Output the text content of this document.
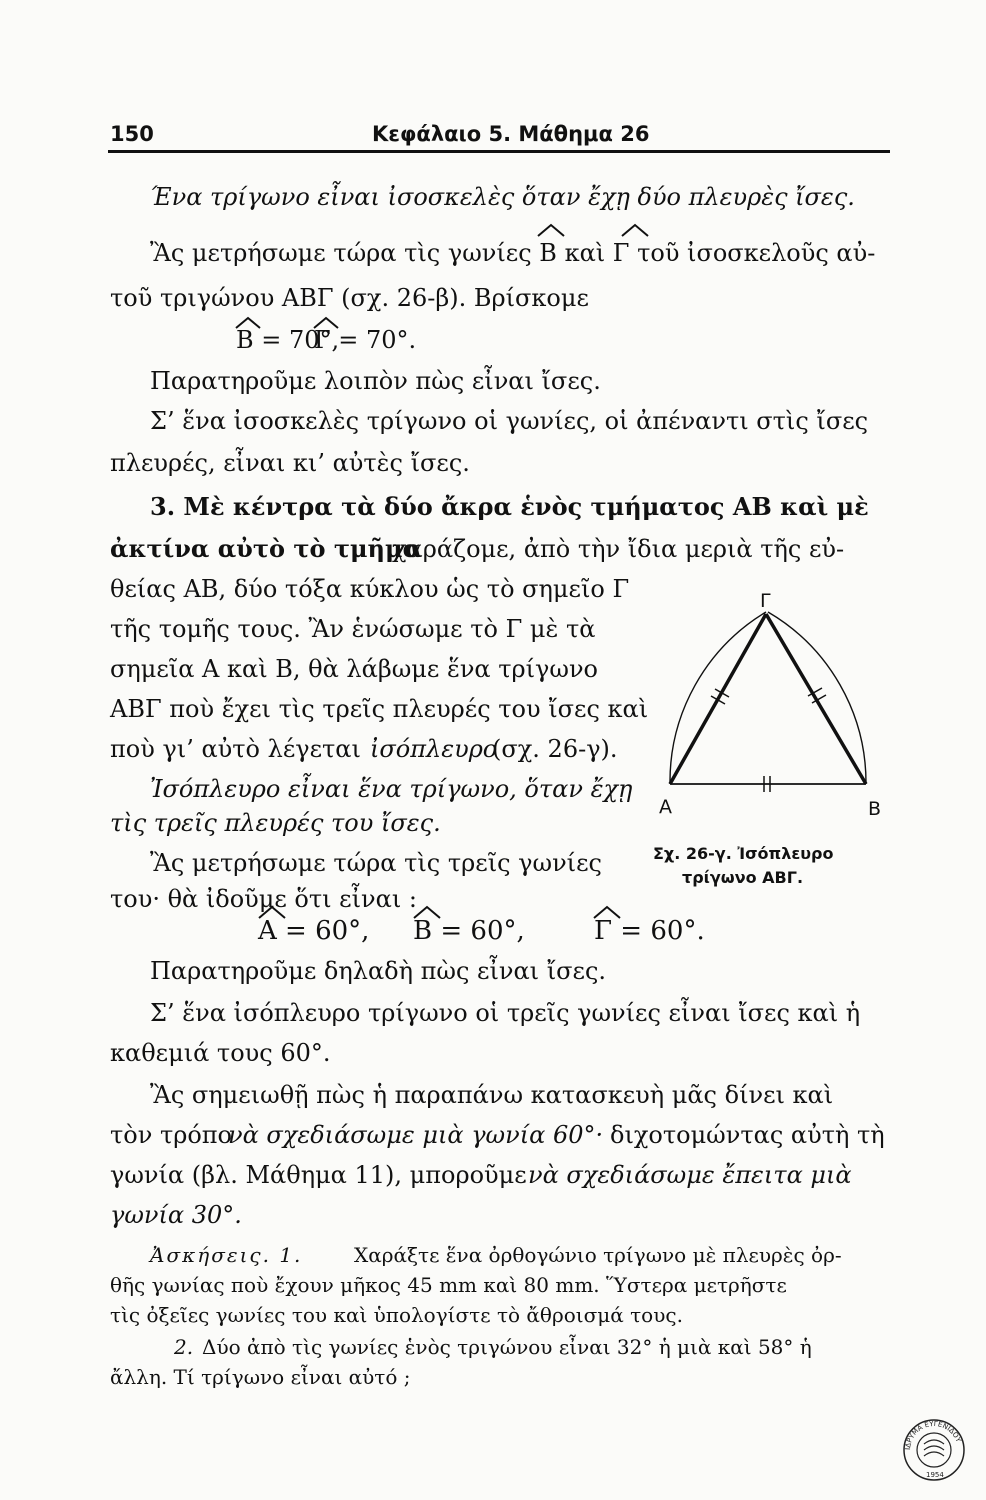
150	Κεφάλαιο 5. Μάθημα 26
Ένα τρίγωνο εἶναι ἰσοσκελὲς ὅταν ἔχῃ δύο πλευρὲς ἴσες.
Ἂς μετρήσωμε τώρα τὶς γωνίες B καὶ Γ τοῦ ἰσοσκελοῦς αὐ-
τοῦ τριγώνου ΑΒΓ (σχ. 26-β). Βρίσκομε
B = 70°,
Γ = 70°.
Παρατηροῦμε λοιπὸν πὼς εἶναι ἴσες.
Σ’ ἕνα ἰσοσκελὲς τρίγωνο οἱ γωνίες, οἱ ἀπέναντι στὶς ἴσες
πλευρές, εἶναι κι’ αὐτὲς ἴσες.
3. Μὲ κέντρα τὰ δύο ἄκρα ἑνὸς τμήματος ΑΒ καὶ μὲ
ἀκτίνα αὐτὸ τὸ τμῆμα
χαράζομε, ἀπὸ τὴν ἴδια μεριὰ τῆς εὐ-
θείας ΑΒ, δύο τόξα κύκλου ὡς τὸ σημεῖο Γ
τῆς τομῆς τους. Ἂν ἑνώσωμε τὸ Γ μὲ τὰ
σημεῖα Α καὶ Β, θὰ λάβωμε ἕνα τρίγωνο
ΑΒΓ ποὺ ἔχει τὶς τρεῖς πλευρές του ἴσες καὶ
ποὺ γι’ αὐτὸ λέγεται ἰσόπλευρο
(σχ. 26-γ).
Ἰσόπλευρο εἶναι ἕνα τρίγωνο, ὅταν ἔχῃ
τὶς τρεῖς πλευρές του ἴσες.
Ἂς μετρήσωμε τώρα τὶς τρεῖς γωνίες
του· θὰ ἰδοῦμε ὅτι εἶναι :
Α	Β
Γ
Σχ. 26-γ. Ἰσόπλευρο
τρίγωνο ΑΒΓ.
A = 60°, B = 60°,	Γ = 60°.
Παρατηροῦμε δηλαδὴ πὼς εἶναι ἴσες.
Σ’ ἕνα ἰσόπλευρο τρίγωνο οἱ τρεῖς γωνίες εἶναι ἴσες καὶ ἡ
καθεμιά τους 60°.
Ἂς σημειωθῇ πὼς ἡ παραπάνω κατασκευὴ μᾶς δίνει καὶ
τὸν τρόπο
νὰ σχεδιάσωμε μιὰ γωνία 60°· διχοτομώντας αὐτὴ τὴ
γωνία (βλ. Μάθημα 11), μποροῦμε νὰ σχεδιάσωμε ἔπειτα μιὰ
γωνία 30°.
Ἀσκήσεις. 1.	Χαράξτε ἕνα ὀρθογώνιο τρίγωνο μὲ πλευρὲς ὀρ-
θῆς γωνίας ποὺ ἔχουν μῆκος 45 mm καὶ 80 mm. Ὕστερα μετρῆστε
τὶς ὀξεῖες γωνίες του καὶ ὑπολογίστε τὸ ἄθροισμά τους.
2. Δύο ἀπὸ τὶς γωνίες ἑνὸς τριγώνου εἶναι 32° ἡ μιὰ καὶ 58° ἡ
ἄλλη. Τί τρίγωνο εἶναι αὐτό ;
ΙΔΡΥΜΑ ΕΥΓΕΝΙΔΟΥ
1954
